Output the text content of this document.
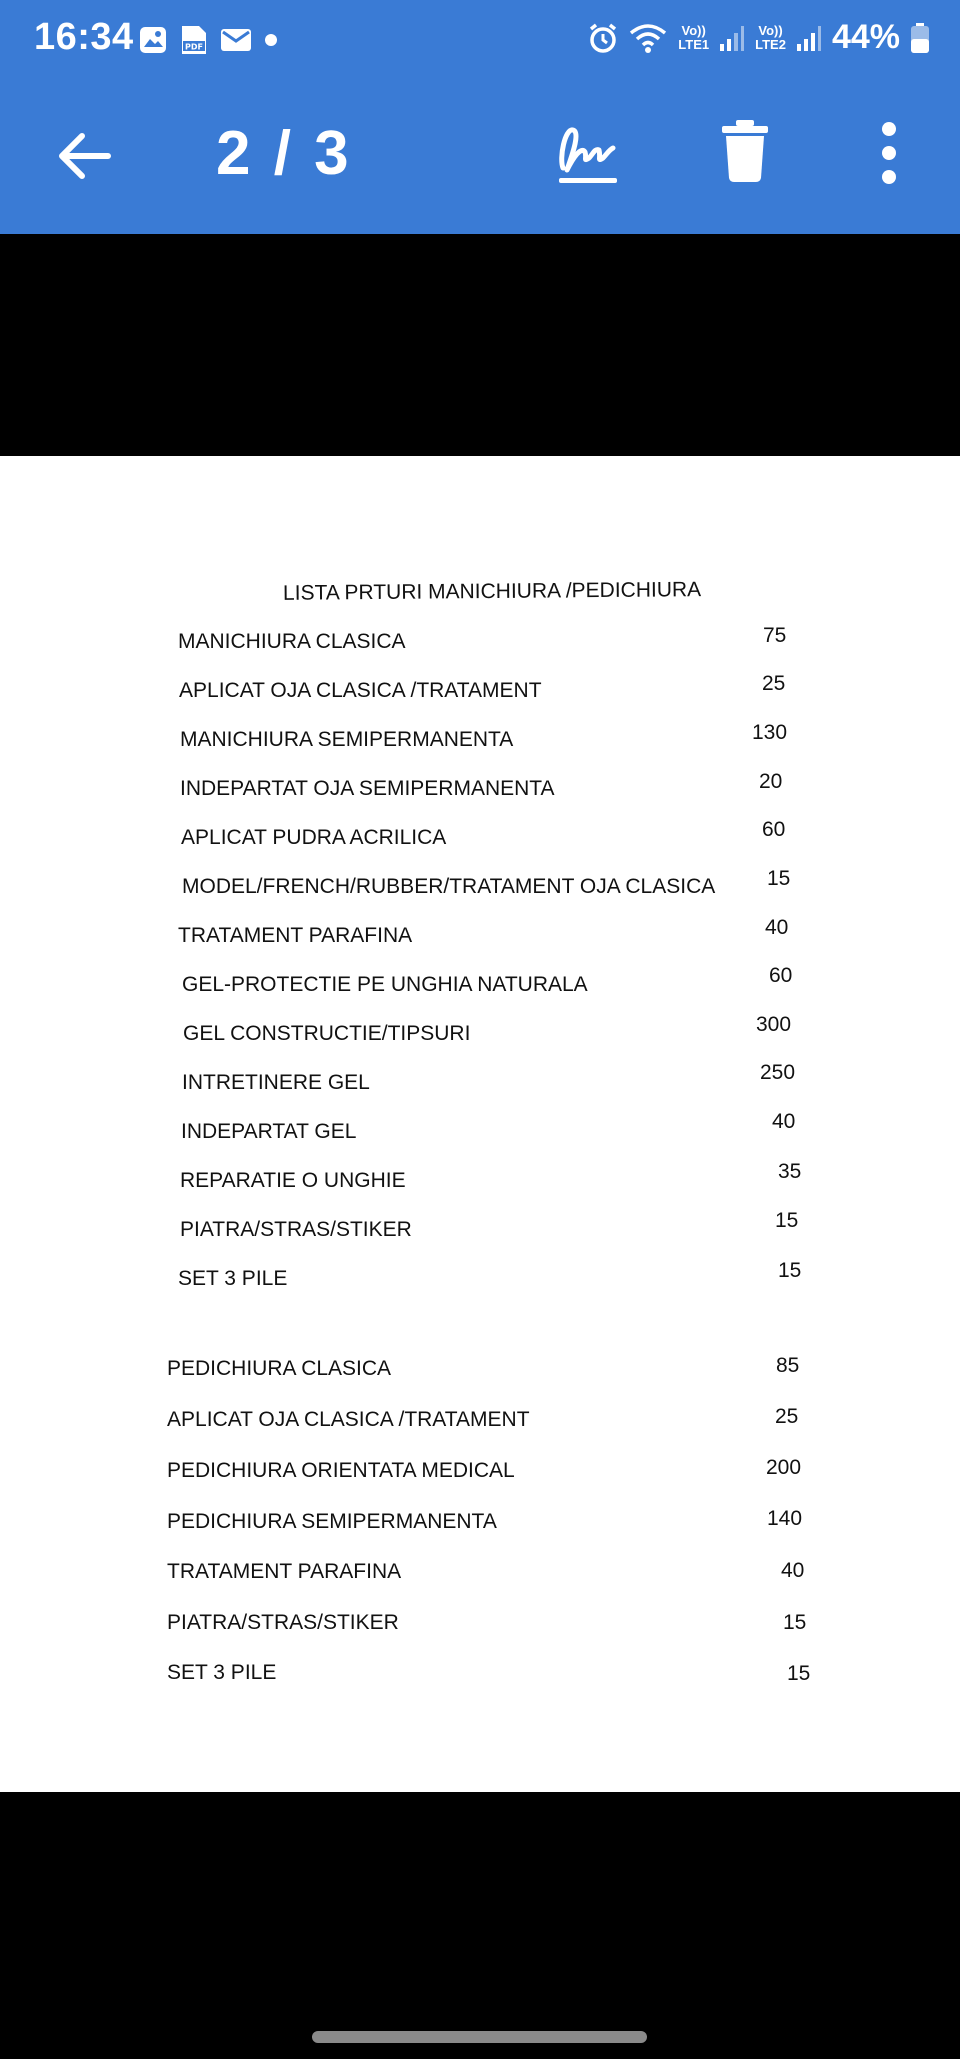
16:34	PDF
Vo))
LTE1
Vo))
LTE2 44%
2 / 3
LISTA PRTURI MANICHIURA /PEDICHIURA
MANICHIURA CLASICA	75
APLICAT OJA CLASICA /TRATAMENT	25
MANICHIURA SEMIPERMANENTA	130
INDEPARTAT OJA SEMIPERMANENTA	20
APLICAT PUDRA ACRILICA	60
MODEL/FRENCH/RUBBER/TRATAMENT OJA CLASICA 15
TRATAMENT PARAFINA	40
GEL-PROTECTIE PE UNGHIA NATURALA	60
GEL CONSTRUCTIE/TIPSURI	300
INTRETINERE GEL	250
INDEPARTAT GEL	40
REPARATIE O UNGHIE	35
PIATRA/STRAS/STIKER	15
SET 3 PILE	15
PEDICHIURA CLASICA	85
APLICAT OJA CLASICA /TRATAMENT	25
PEDICHIURA ORIENTATA MEDICAL	200
PEDICHIURA SEMIPERMANENTA	140
TRATAMENT PARAFINA	40
PIATRA/STRAS/STIKER	15
SET 3 PILE	15
